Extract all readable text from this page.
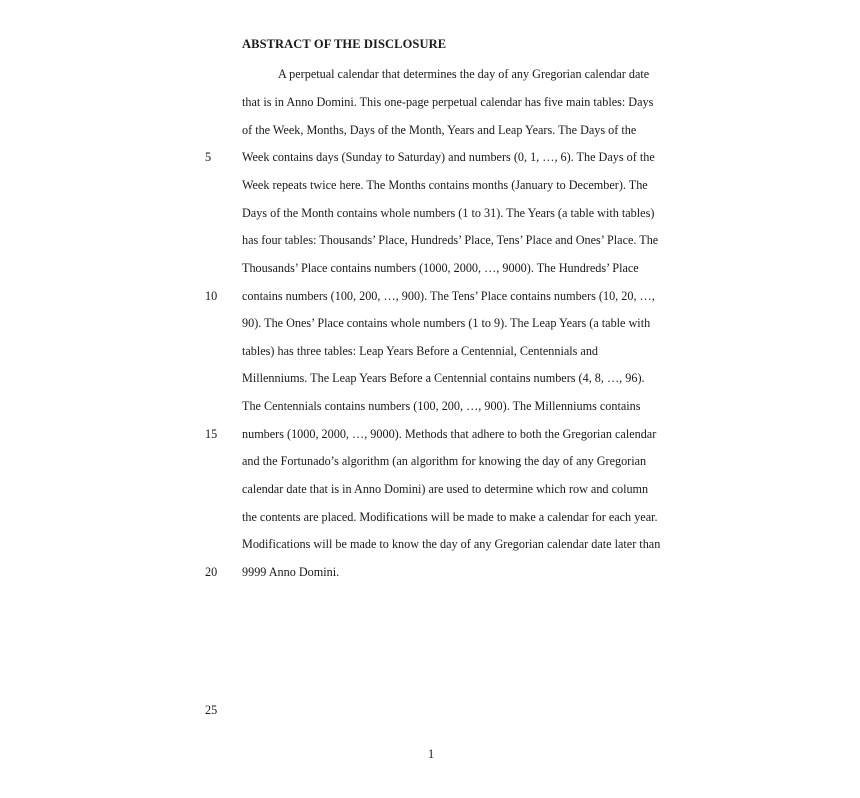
ABSTRACT OF THE DISCLOSURE
A perpetual calendar that determines the day of any Gregorian calendar date
that is in Anno Domini. This one-page perpetual calendar has five main tables: Days
of the Week, Months, Days of the Month, Years and Leap Years. The Days of the
Week contains days (Sunday to Saturday) and numbers (0, 1, …, 6). The Days of the
Week repeats twice here. The Months contains months (January to December). The
Days of the Month contains whole numbers (1 to 31). The Years (a table with tables)
has four tables: Thousands’ Place, Hundreds’ Place, Tens’ Place and Ones’ Place. The
Thousands’ Place contains numbers (1000, 2000, …, 9000). The Hundreds’ Place
contains numbers (100, 200, …, 900). The Tens’ Place contains numbers (10, 20, …,
90). The Ones’ Place contains whole numbers (1 to 9). The Leap Years (a table with
tables) has three tables: Leap Years Before a Centennial, Centennials and
Millenniums. The Leap Years Before a Centennial contains numbers (4, 8, …, 96).
The Centennials contains numbers (100, 200, …, 900). The Millenniums contains
numbers (1000, 2000, …, 9000). Methods that adhere to both the Gregorian calendar
and the Fortunado’s algorithm (an algorithm for knowing the day of any Gregorian
calendar date that is in Anno Domini) are used to determine which row and column
the contents are placed. Modifications will be made to make a calendar for each year.
Modifications will be made to know the day of any Gregorian calendar date later than
9999 Anno Domini.
5
10
15
20
25
1
